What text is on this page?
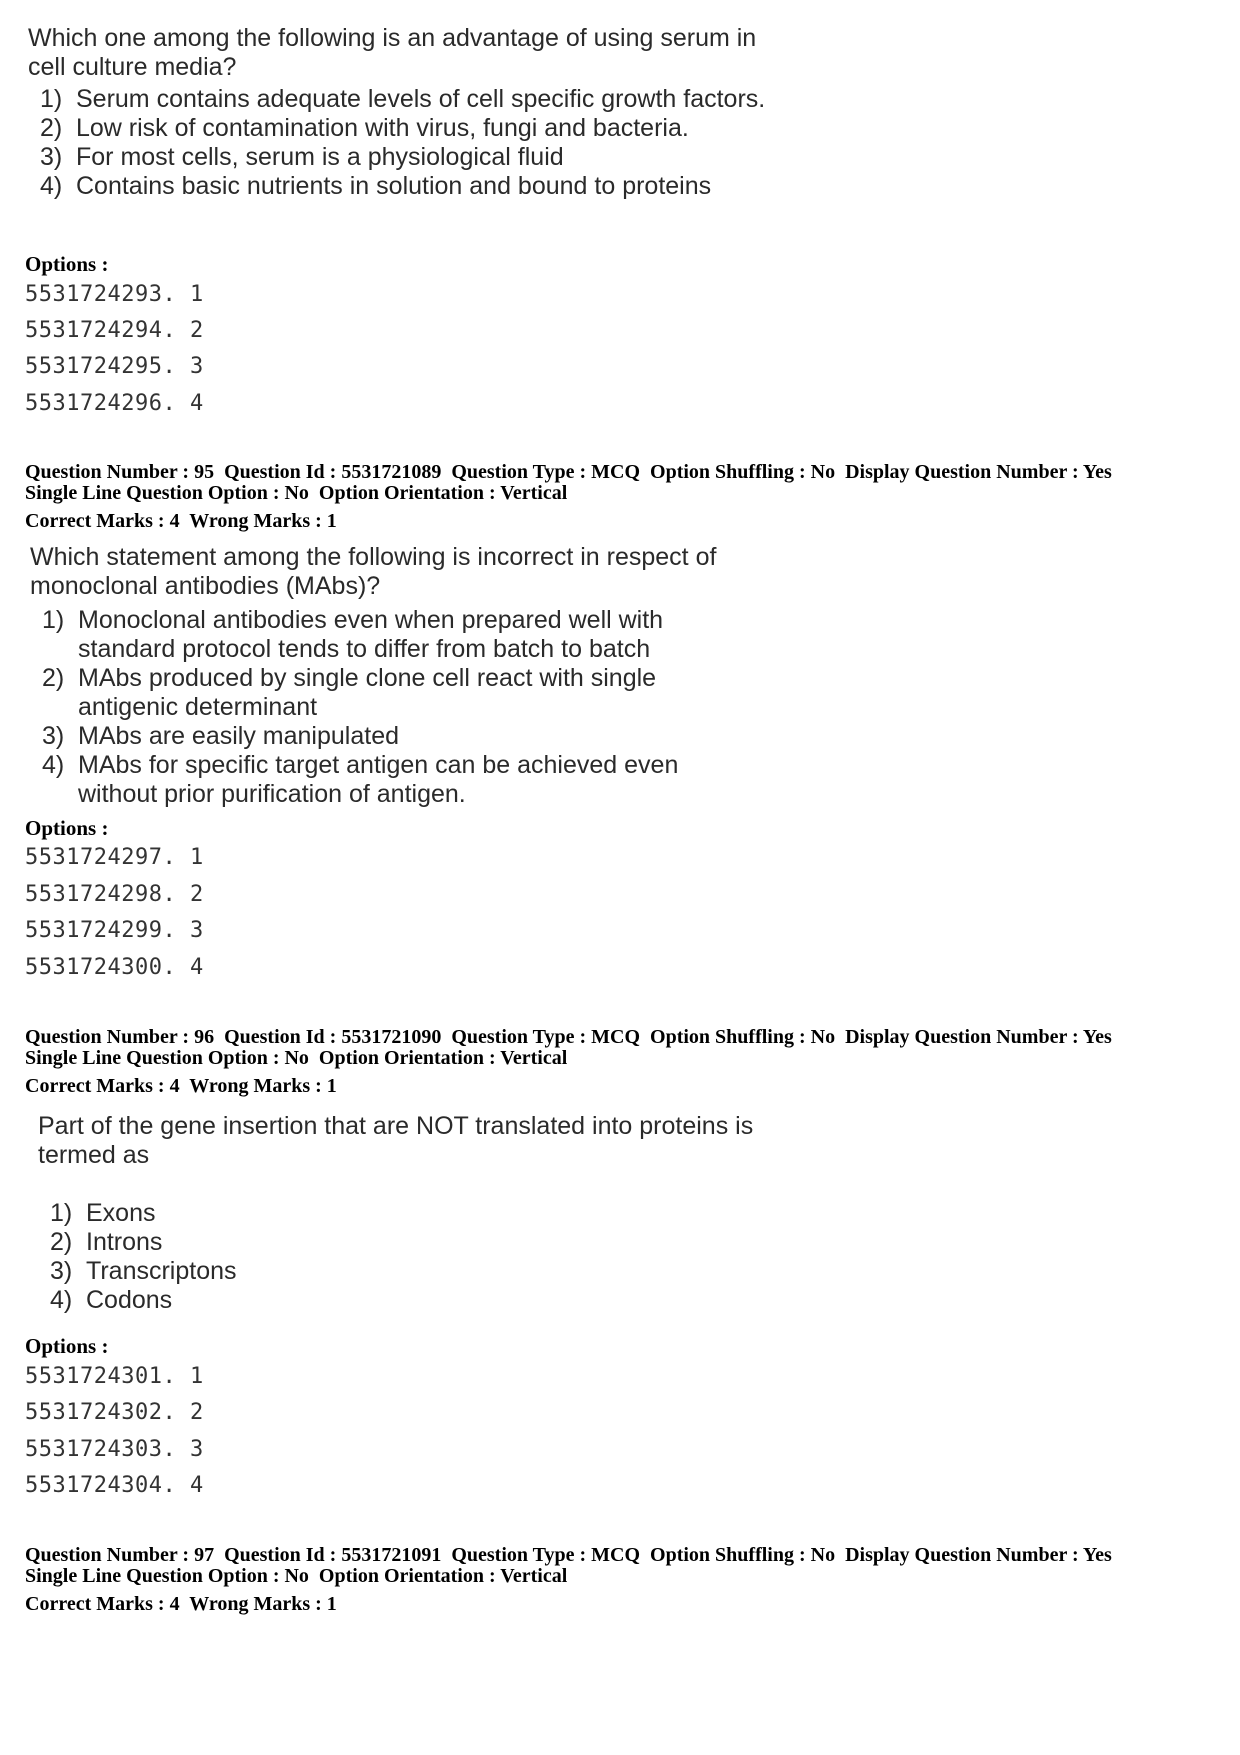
Which one among the following is an advantage of using serum in cell culture media?
1) Serum contains adequate levels of cell specific growth factors.
2) Low risk of contamination with virus, fungi and bacteria.
3) For most cells, serum is a physiological fluid
4) Contains basic nutrients in solution and bound to proteins
Options :
5531724293. 1
5531724294. 2
5531724295. 3
5531724296. 4
Question Number : 95  Question Id : 5531721089  Question Type : MCQ  Option Shuffling : No  Display Question Number : Yes
Single Line Question Option : No  Option Orientation : Vertical
Correct Marks : 4  Wrong Marks : 1
Which statement among the following is incorrect in respect of monoclonal antibodies (MAbs)?
1) Monoclonal antibodies even when prepared well with standard protocol tends to differ from batch to batch
2) MAbs produced by single clone cell react with single antigenic determinant
3) MAbs are easily manipulated
4) MAbs for specific target antigen can be achieved even without prior purification of antigen.
Options :
5531724297. 1
5531724298. 2
5531724299. 3
5531724300. 4
Question Number : 96  Question Id : 5531721090  Question Type : MCQ  Option Shuffling : No  Display Question Number : Yes
Single Line Question Option : No  Option Orientation : Vertical
Correct Marks : 4  Wrong Marks : 1
Part of the gene insertion that are NOT translated into proteins is termed as
1) Exons
2) Introns
3) Transcriptons
4) Codons
Options :
5531724301. 1
5531724302. 2
5531724303. 3
5531724304. 4
Question Number : 97  Question Id : 5531721091  Question Type : MCQ  Option Shuffling : No  Display Question Number : Yes
Single Line Question Option : No  Option Orientation : Vertical
Correct Marks : 4  Wrong Marks : 1
